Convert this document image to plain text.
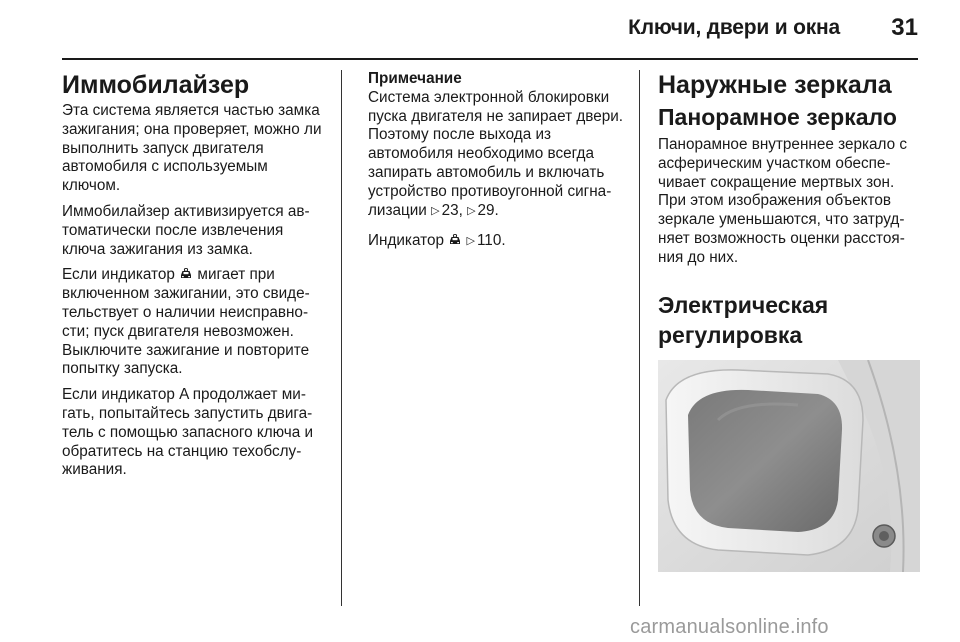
Ключи, двери и окна 31
Иммобилайзер

Эта система является частью замка зажигания; она проверяет, можно ли выполнить запуск двигателя автомобиля с используемым ключом.

Иммобилайзер активизируется автоматически после извлечения ключа зажигания из замка.

Если индикатор мигает при включенном зажигании, это свидетельствует о наличии неисправности; пуск двигателя невозможен. Выключите зажигание и повторите попытку запуска.

Если индикатор A продолжает мигать, попытайтесь запустить двигатель с помощью запасного ключа и обратитесь на станцию техобслуживания.

Примечание
Система электронной блокировки пуска двигателя не запирает двери. Поэтому после выхода из автомобиля необходимо всегда запирать автомобиль и включать устройство противоугонной сигнализации ▷ 23, ▷ 29.

Индикатор ▷ 110.

Наружные зеркала
Панорамное зеркало

Панорамное внутреннее зеркало с асферическим участком обеспечивает сокращение мертвых зон. При этом изображения объектов зеркале уменьшаются, что затрудняет возможность оценки расстояния до них.

Электрическая регулировка
carmanualsonline.info
